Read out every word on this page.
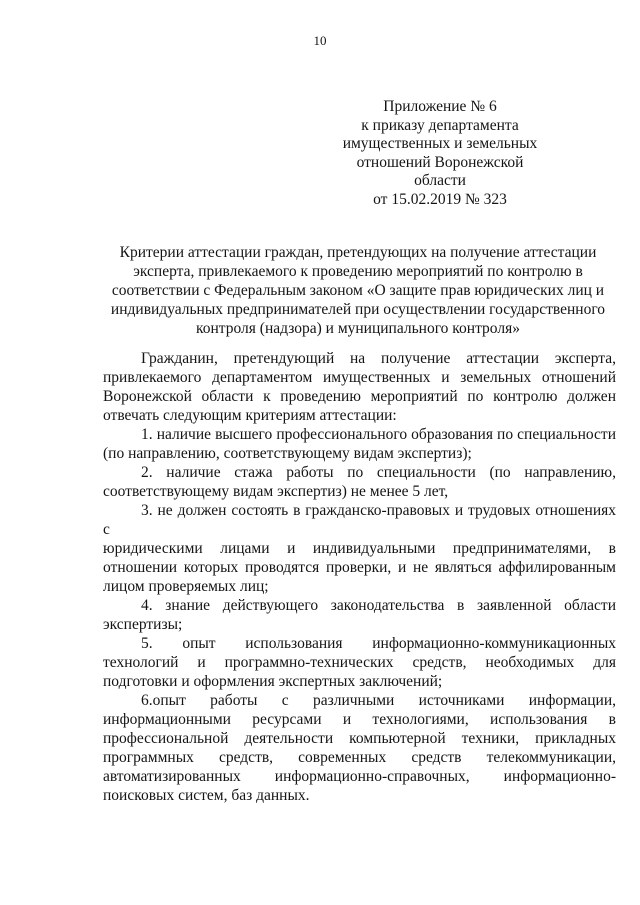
10
Приложение № 6
к приказу департамента
имущественных и земельных
отношений Воронежской
области
от 15.02.2019 № 323
Критерии аттестации граждан, претендующих на получение аттестации
эксперта, привлекаемого к проведению мероприятий по контролю в
соответствии с Федеральным законом «О защите прав юридических лиц и
индивидуальных предпринимателей при осуществлении государственного
контроля (надзора) и муниципального контроля»
Гражданин, претендующий на получение аттестации эксперта,
привлекаемого департаментом имущественных и земельных отношений
Воронежской области к проведению мероприятий по контролю должен
отвечать следующим критериям аттестации:
1. наличие высшего профессионального образования по специальности
(по направлению, соответствующему видам экспертиз);
2. наличие стажа работы по специальности (по направлению,
соответствующему видам экспертиз) не менее 5 лет,
3. не должен состоять в гражданско-правовых и трудовых отношениях
с
юридическими лицами и индивидуальными предпринимателями, в
отношении которых проводятся проверки, и не являться аффилированным
лицом проверяемых лиц;
4. знание действующего законодательства в заявленной области
экспертизы;
5. опыт использования информационно-коммуникационных
технологий и программно-технических средств, необходимых для
подготовки и оформления экспертных заключений;
6.опыт работы с различными источниками информации,
информационными ресурсами и технологиями, использования в
профессиональной деятельности компьютерной техники, прикладных
программных средств, современных средств телекоммуникации,
автоматизированных информационно-справочных, информационно-
поисковых систем, баз данных.
